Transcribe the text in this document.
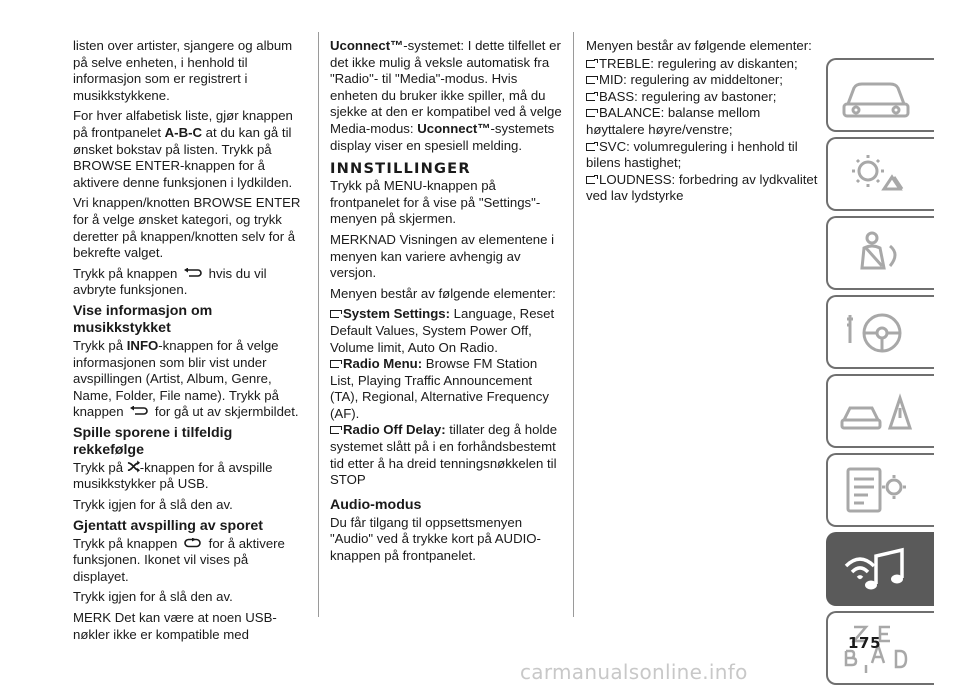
listen over artister, sjangere og album på selve enheten, i henhold til informasjon som er registrert i musikkstykkene.

For hver alfabetisk liste, gjør knappen på frontpanelet A-B-C at du kan gå til ønsket bokstav på listen. Trykk på BROWSE ENTER-knappen for å aktivere denne funksjonen i lydkilden.

Vri knappen/knotten BROWSE ENTER for å velge ønsket kategori, og trykk deretter på knappen/knotten selv for å bekrefte valget.

Trykk på knappen  hvis du vil avbryte funksjonen.

Vise informasjon om musikkstykket

Trykk på INFO-knappen for å velge informasjonen som blir vist under avspillingen (Artist, Album, Genre, Name, Folder, File name). Trykk på knappen  for gå ut av skjermbildet.

Spille sporene i tilfeldig rekkefølge

Trykk på -knappen for å avspille musikkstykker på USB.

Trykk igjen for å slå den av.

Gjentatt avspilling av sporet

Trykk på knappen  for å aktivere funksjonen. Ikonet vil vises på displayet.

Trykk igjen for å slå den av.

MERK Det kan være at noen USB-nøkler ikke er kompatible med

Uconnect™-systemet: I dette tilfellet er det ikke mulig å veksle automatisk fra "Radio"- til "Media"-modus. Hvis enheten du bruker ikke spiller, må du sjekke at den er kompatibel ved å velge Media-modus: Uconnect™-systemets display viser en spesiell melding.

INNSTILLINGER

Trykk på MENU-knappen på frontpanelet for å vise på "Settings"-menyen på skjermen.

MERKNAD Visningen av elementene i menyen kan variere avhengig av versjon.

Menyen består av følgende elementer:

System Settings: Language, Reset Default Values, System Power Off, Volume limit, Auto On Radio.

Radio Menu: Browse FM Station List, Playing Traffic Announcement (TA), Regional, Alternative Frequency (AF).

Radio Off Delay: tillater deg å holde systemet slått på i en forhåndsbestemt tid etter å ha dreid tenningsnøkkelen til STOP

Audio-modus

Du får tilgang til oppsettsmenyen "Audio" ved å trykke kort på AUDIO-knappen på frontpanelet.

Menyen består av følgende elementer:

TREBLE: regulering av diskanten;

MID: regulering av middeltoner;

BASS: regulering av bastoner;

BALANCE: balanse mellom høyttalere høyre/venstre;

SVC: volumregulering i henhold til bilens hastighet;

LOUDNESS: forbedring av lydkvalitet ved lav lydstyrke

175
carmanualsonline.info
